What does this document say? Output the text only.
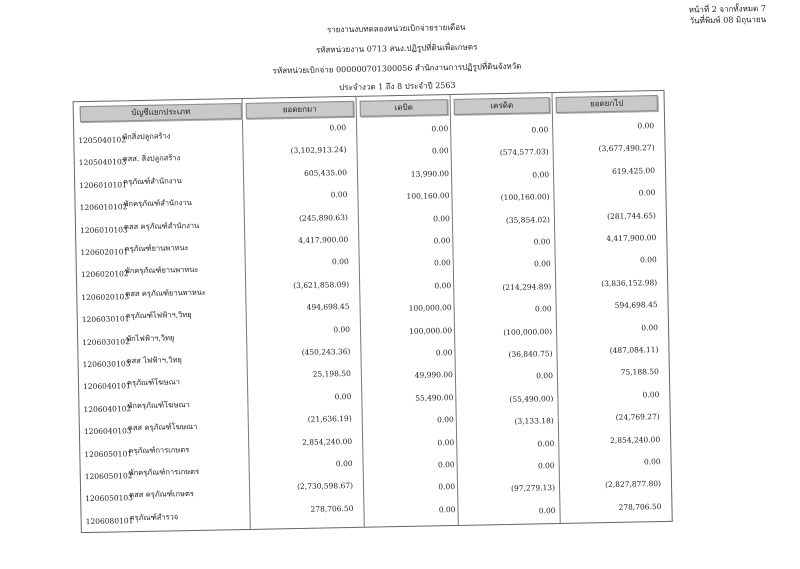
รายงานงบทดลองหน่วยเบิกจ่ายรายเดือน
รหัสหน่วยงาน 0713 สนง.ปฏิรูปที่ดินเพื่อเกษตร
รหัสหน่วยเบิกจ่าย 000000701300056 สำนักงานการปฏิรูปที่ดินจังหวัด
ประจำงวด 1 ถึง 8 ประจำปี 2563
หน้าที่ 2 จากทั้งหมด 7
วันที่พิมพ์ 08 มิถุนายน
บัญชีแยกประเภท	ยอดยกมา	เดบิต	เครดิต	ยอดยกไป
1205040102
พักสิ่งปลูกสร้าง
0.00	0.00	0.00	0.00
1205040103
คสส. สิ่งปลูกสร้าง
(3,102,913.24)	0.00	(574,577.03)	(3,677,490.27)
1206010101
ครุภัณฑ์สำนักงาน
605,435.00	13,990.00	0.00	619,425.00
1206010102
พักครุภัณฑ์สำนักงาน
0.00	100,160.00	(100,160.00)	0.00
1206010103
คสส ครุภัณฑ์สำนักงาน
(245,890.63)	0.00	(35,854.02)	(281,744.65)
1206020101
ครุภัณฑ์ยานพาหนะ
4,417,900.00	0.00	0.00	4,417,900.00
1206020102
พักครุภัณฑ์ยานพาหนะ
0.00	0.00	0.00	0.00
1206020103
คสส ครุภัณฑ์ยานพาหนะ
(3,621,858.09)	0.00	(214,294.89)	(3,836,152.98)
1206030101
ครุภัณฑ์ไฟฟ้าฯ,วิทยุ
494,698.45	100,000.00	0.00	594,698.45
1206030102
พักไฟฟ้าฯ,วิทยุ
0.00	100,000.00	(100,000.00)	0.00
1206030103
คสส ไฟฟ้าฯ,วิทยุ
(450,243.36)	0.00	(36,840.75)	(487,084.11)
1206040101
ครุภัณฑ์โฆษณา
25,198.50	49,990.00	0.00	75,188.50
1206040102
พักครุภัณฑ์โฆษณา
0.00	55,490.00	(55,490.00)	0.00
1206040103
คสส ครุภัณฑ์โฆษณา
(21,636.19)	0.00	(3,133.18)	(24,769.27)
1206050101
ครุภัณฑ์การเกษตร
2,854,240.00	0.00	0.00	2,854,240.00
1206050102
พักครุภัณฑ์การเกษตร
0.00	0.00	0.00	0.00
1206050103
คสส ครุภัณฑ์เกษตร
(2,730,598.67)	0.00	(97,279.13)	(2,827,877.80)
1206080101
ครุภัณฑ์สำรวจ
278,706.50	0.00	0.00	278,706.50
